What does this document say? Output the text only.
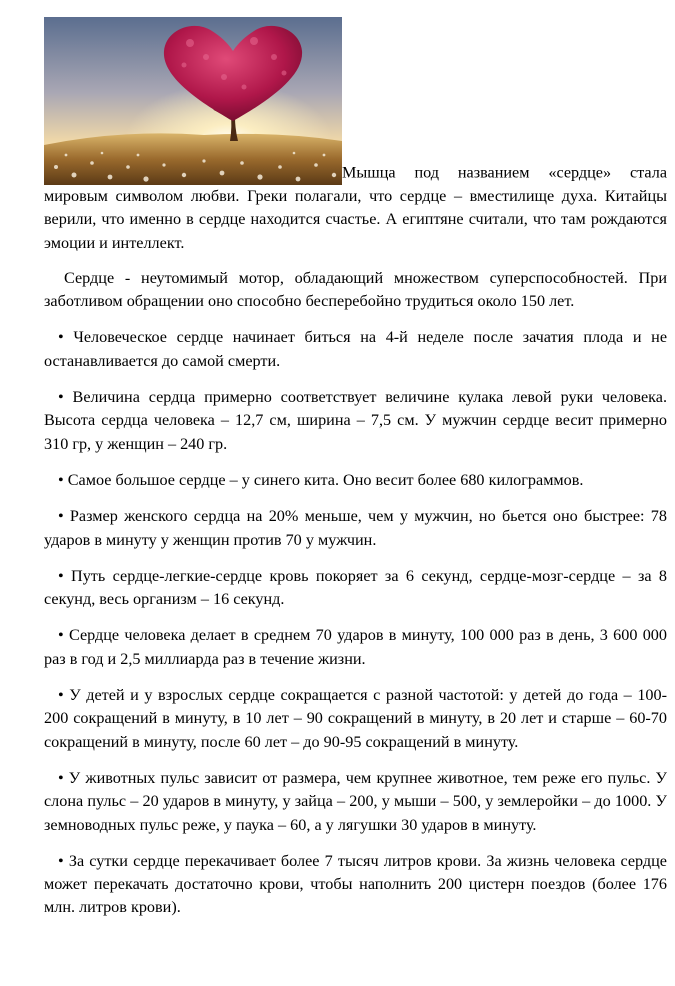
Мышца под названием «сердце» стала мировым символом любви. Греки полагали, что сердце – вместилище духа. Китайцы верили, что именно в сердце находится счастье. А египтяне считали, что там рождаются эмоции и интеллект.

Сердце - неутомимый мотор, обладающий множеством суперспособностей. При заботливом обращении оно способно бесперебойно трудиться около 150 лет.

• Человеческое сердце начинает биться на 4-й неделе после зачатия плода и не останавливается до самой смерти.

• Величина сердца примерно соответствует величине кулака левой руки человека. Высота сердца человека – 12,7 см, ширина – 7,5 см. У мужчин сердце весит примерно 310 гр, у женщин – 240 гр.

• Самое большое сердце – у синего кита. Оно весит более 680 килограммов.

• Размер женского сердца на 20% меньше, чем у мужчин, но бьется оно быстрее: 78 ударов в минуту у женщин против 70 у мужчин.

• Путь сердце-легкие-сердце кровь покоряет за 6 секунд, сердце-мозг-сердце – за 8 секунд, весь организм – 16 секунд.

• Сердце человека делает в среднем 70 ударов в минуту, 100 000 раз в день, 3 600 000 раз в год и 2,5 миллиарда раз в течение жизни.

• У детей и у взрослых сердце сокращается с разной частотой: у детей до года – 100-200 сокращений в минуту, в 10 лет – 90 сокращений в минуту, в 20 лет и старше – 60-70 сокращений в минуту, после 60 лет – до 90-95 сокращений в минуту.

• У животных пульс зависит от размера, чем крупнее животное, тем реже его пульс. У слона пульс – 20 ударов в минуту, у зайца – 200, у мыши – 500, у землеройки – до 1000. У земноводных пульс реже, у паука – 60, а у лягушки 30 ударов в минуту.

• За сутки сердце перекачивает более 7 тысяч литров крови. За жизнь человека сердце может перекачать достаточно крови, чтобы наполнить 200 цистерн поездов (более 176 млн. литров крови).
